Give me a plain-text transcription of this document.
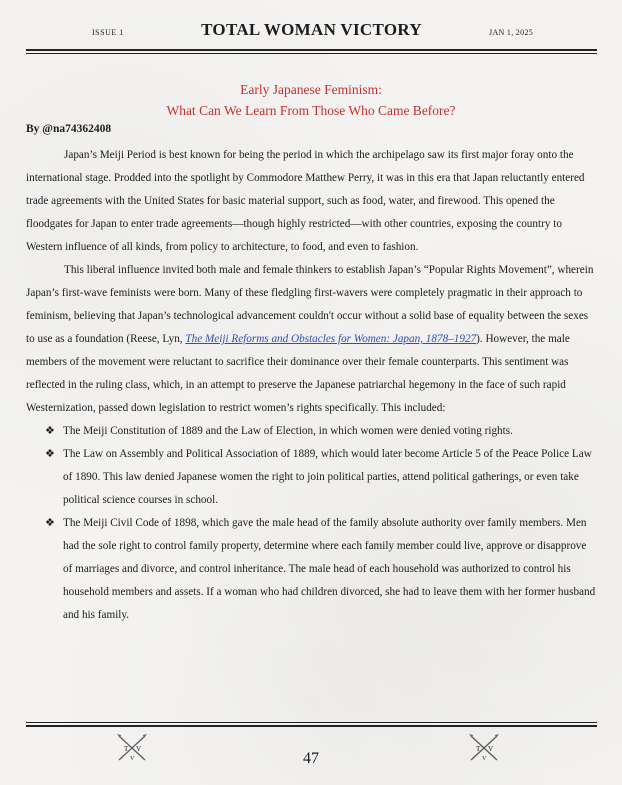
ISSUE 1	TOTAL WOMAN VICTORY	JAN 1, 2025
Early Japanese Feminism:
What Can We Learn From Those Who Came Before?
By @na74362408

Japan’s Meiji Period is best known for being the period in which the archipelago saw its first major foray onto the international stage. Prodded into the spotlight by Commodore Matthew Perry, it was in this era that Japan reluctantly entered trade agreements with the United States for basic material support, such as food, water, and firewood. This opened the floodgates for Japan to enter trade agreements—though highly restricted—with other countries, exposing the country to Western influence of all kinds, from policy to architecture, to food, and even to fashion.

This liberal influence invited both male and female thinkers to establish Japan’s “Popular Rights Movement”, wherein Japan’s first-wave feminists were born. Many of these fledgling first-wavers were completely pragmatic in their approach to feminism, believing that Japan’s technological advancement couldn't occur without a solid base of equality between the sexes to use as a foundation (Reese, Lyn, The Meiji Reforms and Obstacles for Women: Japan, 1878–1927). However, the male members of the movement were reluctant to sacrifice their dominance over their female counterparts. This sentiment was reflected in the ruling class, which, in an attempt to preserve the Japanese patriarchal hegemony in the face of such rapid Westernization, passed down legislation to restrict women’s rights specifically. This included:

❖ The Meiji Constitution of 1889 and the Law of Election, in which women were denied voting rights.
❖ The Law on Assembly and Political Association of 1889, which would later become Article 5 of the Peace Police Law of 1890. This law denied Japanese women the right to join political parties, attend political gatherings, or even take political science courses in school.
❖ The Meiji Civil Code of 1898, which gave the male head of the family absolute authority over family members. Men had the sole right to control family property, determine where each family member could live, approve or disapprove of marriages and divorce, and control inheritance. The male head of each household was authorized to control his household members and assets. If a woman who had children divorced, she had to leave them with her former husband and his family.
T V
V
T V
V
47
